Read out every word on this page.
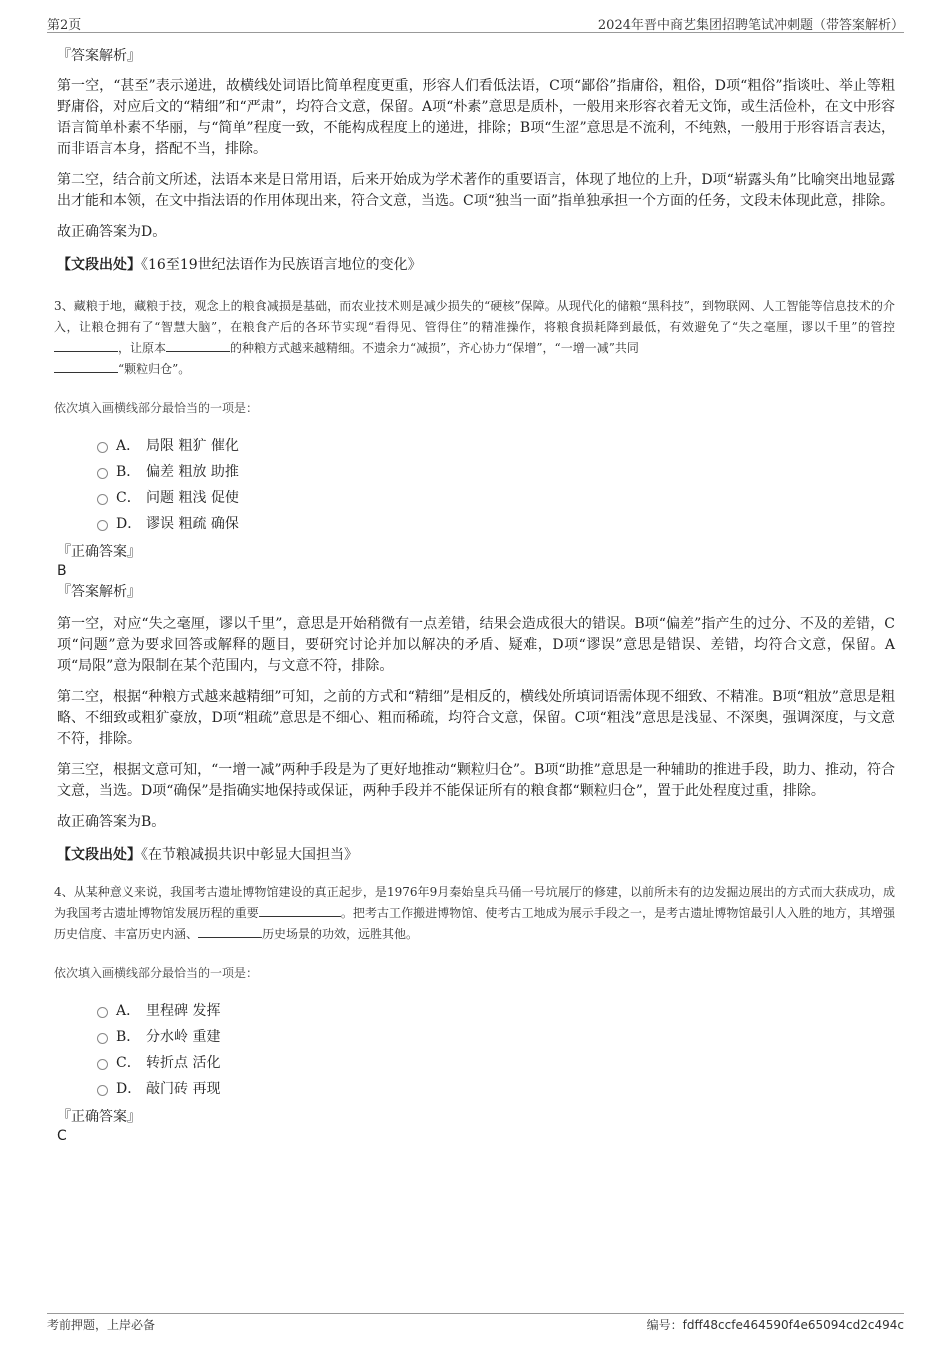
第2页	2024年晋中商艺集团招聘笔试冲刺题（带答案解析）

『答案解析』

第一空，“甚至”表示递进，故横线处词语比简单程度更重，形容人们看低法语，C项“鄙俗”指庸俗，粗俗，D项“粗俗”指谈吐、举止等粗野庸俗，对应后文的“精细”和“严肃”，均符合文意，保留。A项“朴素”意思是质朴，一般用来形容衣着无文饰，或生活俭朴，在文中形容语言简单朴素不华丽，与“简单”程度一致，不能构成程度上的递进，排除；B项“生涩”意思是不流利，不纯熟，一般用于形容语言表达，而非语言本身，搭配不当，排除。

第二空，结合前文所述，法语本来是日常用语，后来开始成为学术著作的重要语言，体现了地位的上升，D项“崭露头角”比喻突出地显露出才能和本领，在文中指法语的作用体现出来，符合文意，当选。C项“独当一面”指单独承担一个方面的任务，文段未体现此意，排除。

故正确答案为D。

【文段出处】《16至19世纪法语作为民族语言地位的变化》

3、藏粮于地，藏粮于技，观念上的粮食减损是基础，而农业技术则是减少损失的“硬核”保障。从现代化的储粮“黑科技”，到物联网、人工智能等信息技术的介入，让粮仓拥有了“智慧大脑”，在粮食产后的各环节实现“看得见、管得住”的精准操作，将粮食损耗降到最低，有效避免了“失之毫厘，谬以千里”的管控，让原本	的种粮方式越来越精细。不遗余力“减损”，齐心协力“保增”，“一增一减”共同
“颗粒归仓”。

依次填入画横线部分最恰当的一项是：

A． 局限 粗犷 催化
B． 偏差 粗放 助推
C． 问题 粗浅 促使
D． 谬误 粗疏 确保

『正确答案』

B

『答案解析』

第一空，对应“失之毫厘，谬以千里”，意思是开始稍微有一点差错，结果会造成很大的错误。B项“偏差”指产生的过分、不及的差错，C项“问题”意为要求回答或解释的题目，要研究讨论并加以解决的矛盾、疑难，D项“谬误”意思是错误、差错，均符合文意，保留。A项“局限”意为限制在某个范围内，与文意不符，排除。

第二空，根据“种粮方式越来越精细”可知，之前的方式和“精细”是相反的，横线处所填词语需体现不细致、不精准。B项“粗放”意思是粗略、不细致或粗犷豪放，D项“粗疏”意思是不细心、粗而稀疏，均符合文意，保留。C项“粗浅”意思是浅显、不深奥，强调深度，与文意不符，排除。

第三空，根据文意可知，“一增一减”两种手段是为了更好地推动“颗粒归仓”。B项“助推”意思是一种辅助的推进手段，助力、推动，符合文意，当选。D项“确保”是指确实地保持或保证，两种手段并不能保证所有的粮食都“颗粒归仓”，置于此处程度过重，排除。

故正确答案为B。

【文段出处】《在节粮减损共识中彰显大国担当》

4、从某种意义来说，我国考古遗址博物馆建设的真正起步，是1976年9月秦始皇兵马俑一号坑展厅的修建，以前所未有的边发掘边展出的方式而大获成功，成为我国考古遗址博物馆发展历程的重要	。把考古工作搬进博物馆、使考古工地成为展示手段之一，是考古遗址博物馆最引人入胜的地方，其增强历史信度、丰富历史内涵、	历史场景的功效，远胜其他。

依次填入画横线部分最恰当的一项是：

A． 里程碑 发挥
B． 分水岭 重建
C． 转折点 活化
D． 敲门砖 再现

『正确答案』

C

考前押题，上岸必备	编号：fdff48ccfe464590f4e65094cd2c494c
